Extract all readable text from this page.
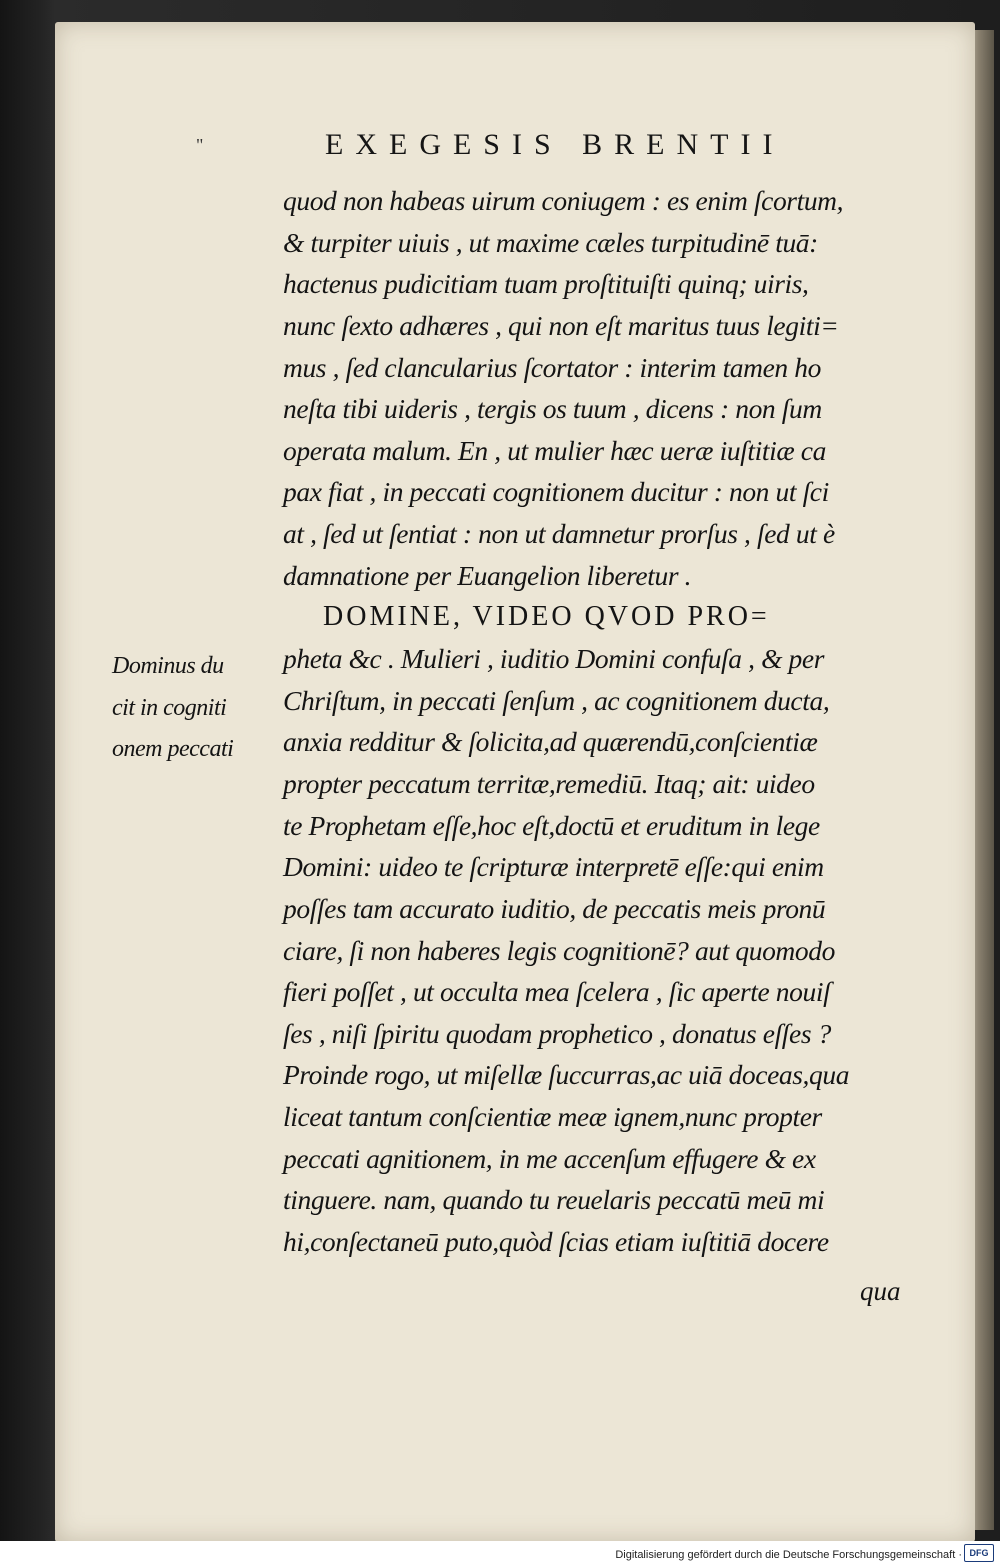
"	EXEGESIS BRENTII
quod non habeas uirum coniugem : es enim ſcortum,
& turpiter uiuis , ut maxime cæles turpitudinē tuā:
hactenus pudicitiam tuam proſtituiſti quinq; uiris,
nunc ſexto adhæres , qui non eſt maritus tuus legiti=
mus , ſed clancularius ſcortator : interim tamen ho
neſta tibi uideris , tergis os tuum , dicens : non ſum
operata malum. En , ut mulier hæc ueræ iuſtitiæ ca
pax fiat , in peccati cognitionem ducitur : non ut ſci
at , ſed ut ſentiat : non ut damnetur prorſus , ſed ut è
damnatione per Euangelion liberetur .
DOMINE, VIDEO QVOD PRO=
pheta &c . Mulieri , iuditio Domini confuſa , & per
Chriſtum, in peccati ſenſum , ac cognitionem ducta,
anxia redditur & ſolicita,ad quærendū,conſcientiæ
propter peccatum territæ,remediū. Itaq; ait: uideo
te Prophetam eſſe,hoc eſt,doctū et eruditum in lege
Domini: uideo te ſcripturæ interpretē eſſe:qui enim
poſſes tam accurato iuditio, de peccatis meis pronū
ciare, ſi non haberes legis cognitionē? aut quomodo
fieri poſſet , ut occulta mea ſcelera , ſic aperte nouiſ
ſes , niſi ſpiritu quodam prophetico , donatus eſſes ?
Proinde rogo, ut miſellæ ſuccurras,ac uiā doceas,qua
liceat tantum conſcientiæ meæ ignem,nunc propter
peccati agnitionem, in me accenſum effugere & ex
tinguere. nam, quando tu reuelaris peccatū meū mi
hi,conſectaneū puto,quòd ſcias etiam iuſtitiā docere
Dominus du
cit in cogniti
onem peccati
qua
Digitalisierung gefördert durch die Deutsche Forschungsgemeinschaft · DFG
